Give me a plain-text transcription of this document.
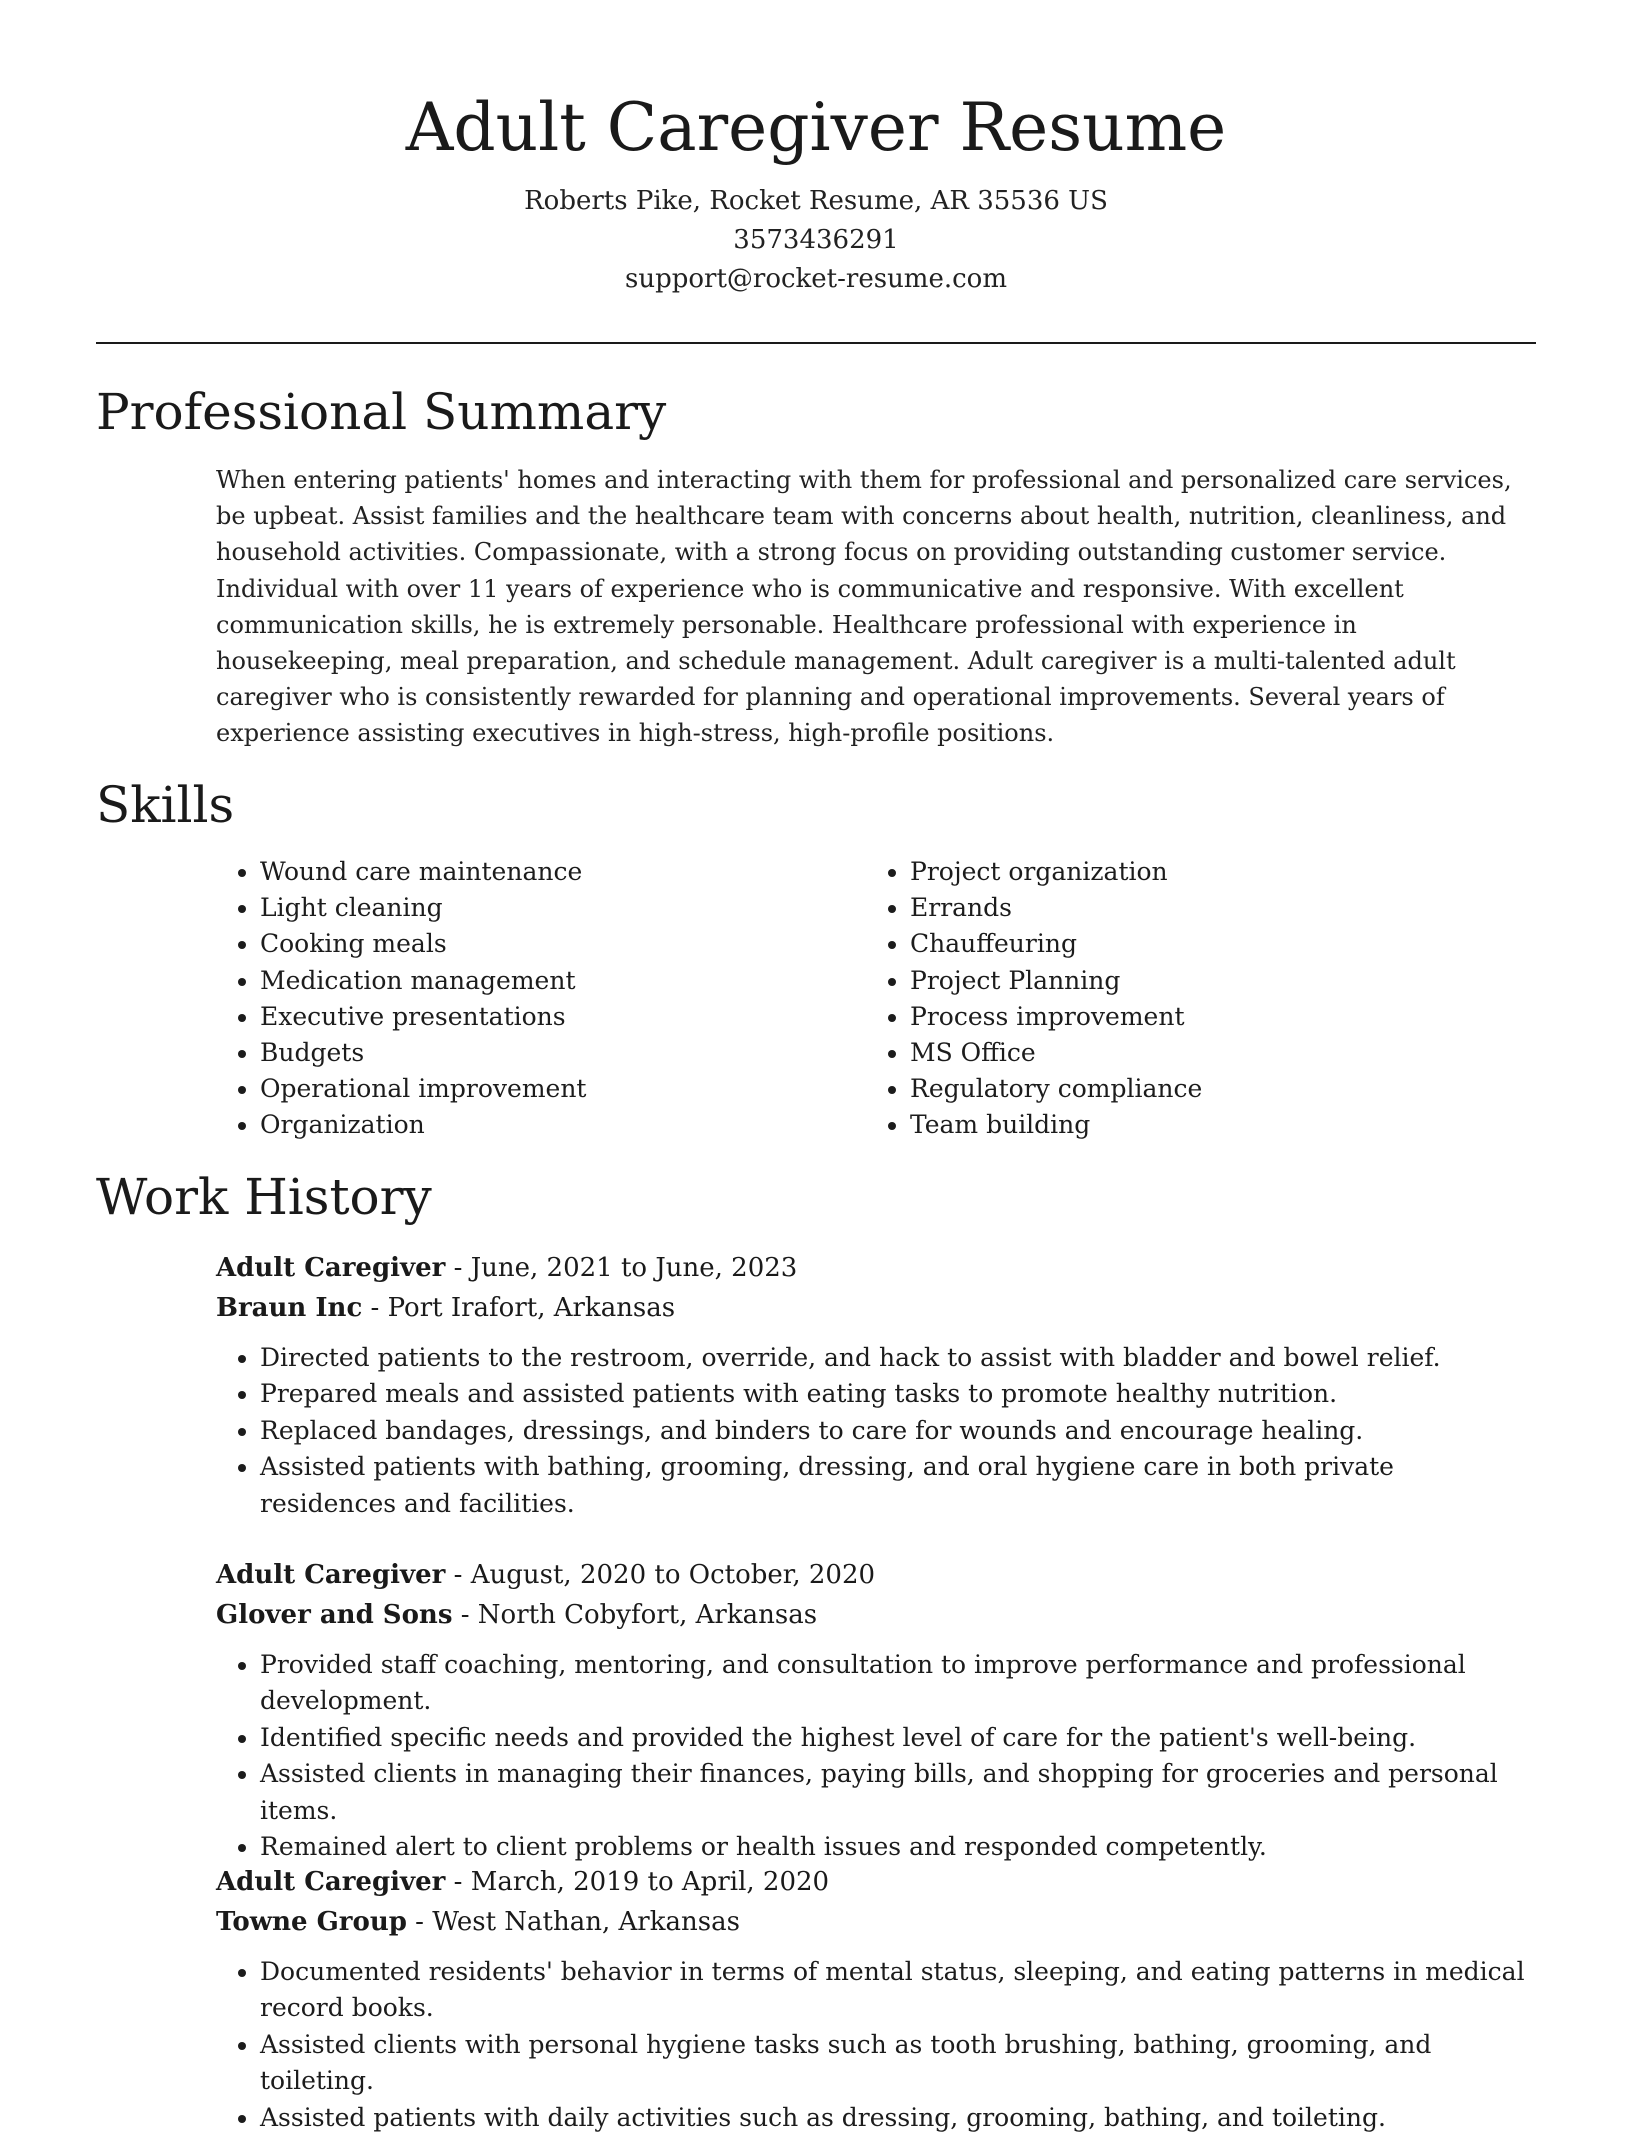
Adult Caregiver Resume
Roberts Pike, Rocket Resume, AR 35536 US
3573436291
support@rocket-resume.com
Professional Summary

When entering patients' homes and interacting with them for professional and personalized care services, be upbeat. Assist families and the healthcare team with concerns about health, nutrition, cleanliness, and household activities. Compassionate, with a strong focus on providing outstanding customer service. Individual with over 11 years of experience who is communicative and responsive. With excellent communication skills, he is extremely personable. Healthcare professional with experience in housekeeping, meal preparation, and schedule management. Adult caregiver is a multi-talented adult caregiver who is consistently rewarded for planning and operational improvements. Several years of experience assisting executives in high-stress, high-profile positions.

Skills
• Wound care maintenance
• Light cleaning
• Cooking meals
• Medication management
• Executive presentations
• Budgets
• Operational improvement
• Organization
• Project organization
• Errands
• Chauffeuring
• Project Planning
• Process improvement
• MS Office
• Regulatory compliance
• Team building
Work History
Adult Caregiver - June, 2021 to June, 2023
Braun Inc - Port Irafort, Arkansas
• Directed patients to the restroom, override, and hack to assist with bladder and bowel relief.
• Prepared meals and assisted patients with eating tasks to promote healthy nutrition.
• Replaced bandages, dressings, and binders to care for wounds and encourage healing.
• Assisted patients with bathing, grooming, dressing, and oral hygiene care in both private residences and facilities.
Adult Caregiver - August, 2020 to October, 2020
Glover and Sons - North Cobyfort, Arkansas
• Provided staff coaching, mentoring, and consultation to improve performance and professional development.
• Identified specific needs and provided the highest level of care for the patient's well-being.
• Assisted clients in managing their finances, paying bills, and shopping for groceries and personal items.
• Remained alert to client problems or health issues and responded competently.
Adult Caregiver - March, 2019 to April, 2020
Towne Group - West Nathan, Arkansas
• Documented residents' behavior in terms of mental status, sleeping, and eating patterns in medical record books.
• Assisted clients with personal hygiene tasks such as tooth brushing, bathing, grooming, and toileting.
• Assisted patients with daily activities such as dressing, grooming, bathing, and toileting.
